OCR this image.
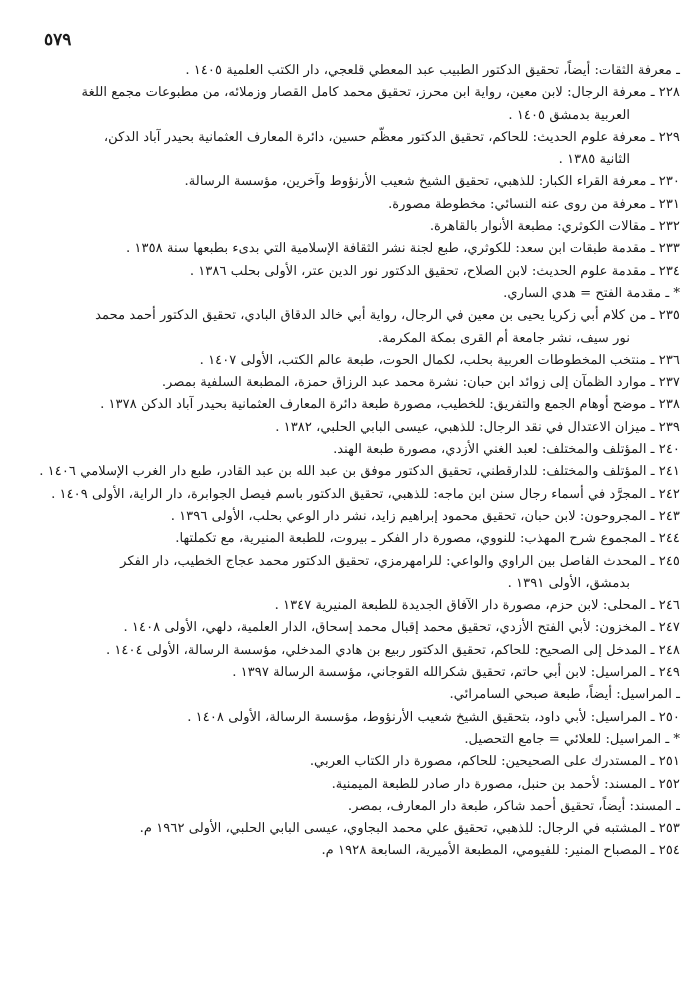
٥٧٩
ـ معرفة الثقات: أيضاً، تحقيق الدكتور الطبيب عبد المعطي قلعجي، دار الكتب العلمية ١٤٠٥ .
٢٢٨ ـ معرفة الرجال: لابن معين، رواية ابن محرز، تحقيق محمد كامل القصار وزملائه، من مطبوعات مجمع اللغة
العربية بدمشق ١٤٠٥ .
٢٢٩ ـ معرفة علوم الحديث: للحاكم، تحقيق الدكتور معظّم حسين، دائرة المعارف العثمانية بحيدر آباد الدكن،
الثانية ١٣٨٥ .
٢٣٠ ـ معرفة القراء الكبار: للذهبي، تحقيق الشيخ شعيب الأرنؤوط وآخرين، مؤسسة الرسالة.
٢٣١ ـ معرفة من روى عنه النسائي: مخطوطة مصورة.
٢٣٢ ـ مقالات الكوثري: مطبعة الأنوار بالقاهرة.
٢٣٣ ـ مقدمة طبقات ابن سعد: للكوثري، طبع لجنة نشر الثقافة الإسلامية التي بدىء بطبعها سنة ١٣٥٨ .
٢٣٤ ـ مقدمة علوم الحديث: لابن الصلاح، تحقيق الدكتور نور الدين عتر، الأولى بحلب ١٣٨٦ .
* ـ مقدمة الفتح = هدي الساري.
٢٣٥ ـ من كلام أبي زكريا يحيى بن معين في الرجال، رواية أبي خالد الدقاق البادي، تحقيق الدكتور أحمد محمد
نور سيف، نشر جامعة أم القرى بمكة المكرمة.
٢٣٦ ـ منتخب المخطوطات العربية بحلب، لكمال الحوت، طبعة عالم الكتب، الأولى ١٤٠٧ .
٢٣٧ ـ موارد الظمآن إلى زوائد ابن حبان: نشرة محمد عبد الرزاق حمزة، المطبعة السلفية بمصر.
٢٣٨ ـ موضح أوهام الجمع والتفريق: للخطيب، مصورة طبعة دائرة المعارف العثمانية بحيدر آباد الدكن ١٣٧٨ .
٢٣٩ ـ ميزان الاعتدال في نقد الرجال: للذهبي، عيسى البابي الحلبي، ١٣٨٢ .
٢٤٠ ـ المؤتلف والمختلف: لعبد الغني الأزدي، مصورة طبعة الهند.
٢٤١ ـ المؤتلف والمختلف: للدارقطني، تحقيق الدكتور موفق بن عبد الله بن عبد القادر، طبع دار الغرب الإسلامي ١٤٠٦ .
٢٤٢ ـ المجرَّد في أسماء رجال سنن ابن ماجه: للذهبي، تحقيق الدكتور باسم فيصل الجوابرة، دار الراية، الأولى ١٤٠٩ .
٢٤٣ ـ المجروحون: لابن حبان، تحقيق محمود إبراهيم زايد، نشر دار الوعي بحلب، الأولى ١٣٩٦ .
٢٤٤ ـ المجموع شرح المهذب: للنووي، مصورة دار الفكر ـ بيروت، للطبعة المنيرية، مع تكملتها.
٢٤٥ ـ المحدث الفاصل بين الراوي والواعي: للرامهرمزي، تحقيق الدكتور محمد عجاج الخطيب، دار الفكر
بدمشق، الأولى ١٣٩١ .
٢٤٦ ـ المحلى: لابن حزم، مصورة دار الآفاق الجديدة للطبعة المنيرية ١٣٤٧ .
٢٤٧ ـ المخزون: لأبي الفتح الأزدي، تحقيق محمد إقبال محمد إسحاق، الدار العلمية، دلهي، الأولى ١٤٠٨ .
٢٤٨ ـ المدخل إلى الصحيح: للحاكم، تحقيق الدكتور ربيع بن هادي المدخلي، مؤسسة الرسالة، الأولى ١٤٠٤ .
٢٤٩ ـ المراسيل: لابن أبي حاتم، تحقيق شكرالله القوجاني، مؤسسة الرسالة ١٣٩٧ .
ـ المراسيل: أيضاً، طبعة صبحي السامرائي.
٢٥٠ ـ المراسيل: لأبي داود، بتحقيق الشيخ شعيب الأرنؤوط، مؤسسة الرسالة، الأولى ١٤٠٨ .
* ـ المراسيل: للعلائي = جامع التحصيل.
٢٥١ ـ المستدرك على الصحيحين: للحاكم، مصورة دار الكتاب العربي.
٢٥٢ ـ المسند: لأحمد بن حنبل، مصورة دار صادر للطبعة الميمنية.
ـ المسند: أيضاً، تحقيق أحمد شاكر، طبعة دار المعارف، بمصر.
٢٥٣ ـ المشتبه في الرجال: للذهبي، تحقيق علي محمد البجاوي، عيسى البابي الحلبي، الأولى ١٩٦٢ م.
٢٥٤ ـ المصباح المنير: للفيومي، المطبعة الأميرية، السابعة ١٩٢٨ م.
